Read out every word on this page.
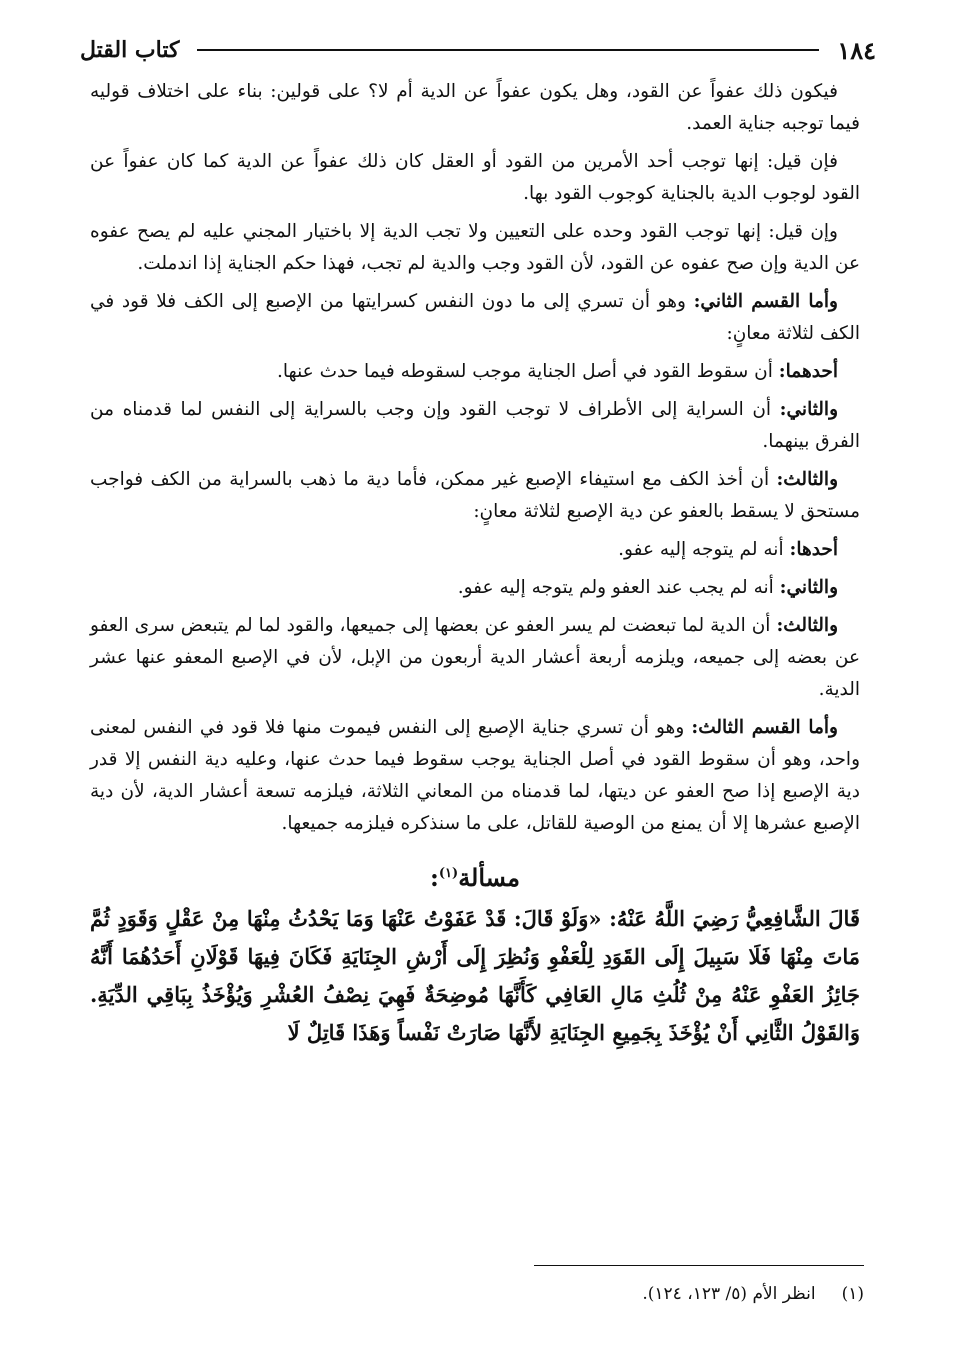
١٨٤
كتاب القتل

فيكون ذلك عفواً عن القود، وهل يكون عفواً عن الدية أم لا؟ على قولين: بناء على اختلاف قوليه فيما توجبه جناية العمد.

فإن قيل: إنها توجب أحد الأمرين من القود أو العقل كان ذلك عفواً عن الدية كما كان عفواً عن القود لوجوب الدية بالجناية كوجوب القود بها.

وإن قيل: إنها توجب القود وحده على التعيين ولا تجب الدية إلا باختيار المجني عليه لم يصح عفوه عن الدية وإن صح عفوه عن القود، لأن القود وجب والدية لم تجب، فهذا حكم الجناية إذا اندملت.

وأما القسم الثاني: وهو أن تسري إلى ما دون النفس كسرايتها من الإصبع إلى الكف فلا قود في الكف لثلاثة معانٍ:

أحدهما: أن سقوط القود في أصل الجناية موجب لسقوطه فيما حدث عنها.

والثاني: أن السراية إلى الأطراف لا توجب القود وإن وجب بالسراية إلى النفس لما قدمناه من الفرق بينهما.

والثالث: أن أخذ الكف مع استيفاء الإصبع غير ممكن، فأما دية ما ذهب بالسراية من الكف فواجب مستحق لا يسقط بالعفو عن دية الإصبع لثلاثة معانٍ:

أحدها: أنه لم يتوجه إليه عفو.

والثاني: أنه لم يجب عند العفو ولم يتوجه إليه عفو.

والثالث: أن الدية لما تبعضت لم يسر العفو عن بعضها إلى جميعها، والقود لما لم يتبعض سرى العفو عن بعضه إلى جميعه، ويلزمه أربعة أعشار الدية أربعون من الإبل، لأن في الإصبع المعفو عنها عشر الدية.

وأما القسم الثالث: وهو أن تسري جناية الإصبع إلى النفس فيموت منها فلا قود في النفس لمعنى واحد، وهو أن سقوط القود في أصل الجناية يوجب سقوط فيما حدث عنها، وعليه دية النفس إلا قدر دية الإصبع إذا صح العفو عن ديتها، لما قدمناه من المعاني الثلاثة، فيلزمه تسعة أعشار الدية، لأن دية الإصبع عشرها إلا أن يمنع من الوصية للقاتل، على ما سنذكره فيلزمه جميعها.

مسألة$^{(١)}$:

قَالَ الشَّافِعِيُّ رَضِيَ اللَّهُ عَنْهُ: «وَلَوْ قَالَ: قَدْ عَفَوْتُ عَنْهَا وَمَا يَحْدُثُ مِنْهَا مِنْ عَقْلٍ وَقَوَدٍ ثُمَّ مَاتَ مِنْهَا فَلَا سَبِيلَ إِلَى القَوَدِ لِلْعَفْوِ وَنُظِرَ إِلَى أَرْشِ الجِنَايَةِ فَكَانَ فِيهَا قَوْلَانِ أَحَدُهُمَا أَنَّهُ جَائِزُ العَفْوِ عَنْهُ مِنْ ثُلُثِ مَالِ العَافِي كَأَنَّهَا مُوضِحَةٌ فَهِيَ نِصْفُ العُشْرِ وَيُؤْخَذُ بِبَاقِي الدِّيَةِ. وَالقَوْلُ الثَّانِي أَنْ يُؤْخَذَ بِجَمِيعِ الجِنَايَةِ لأَنَّهَا صَارَتْ نَفْساً وَهَذَا قَاتِلٌ لَا

(١)انظر الأم (٥/ ١٢٣، ١٢٤).
